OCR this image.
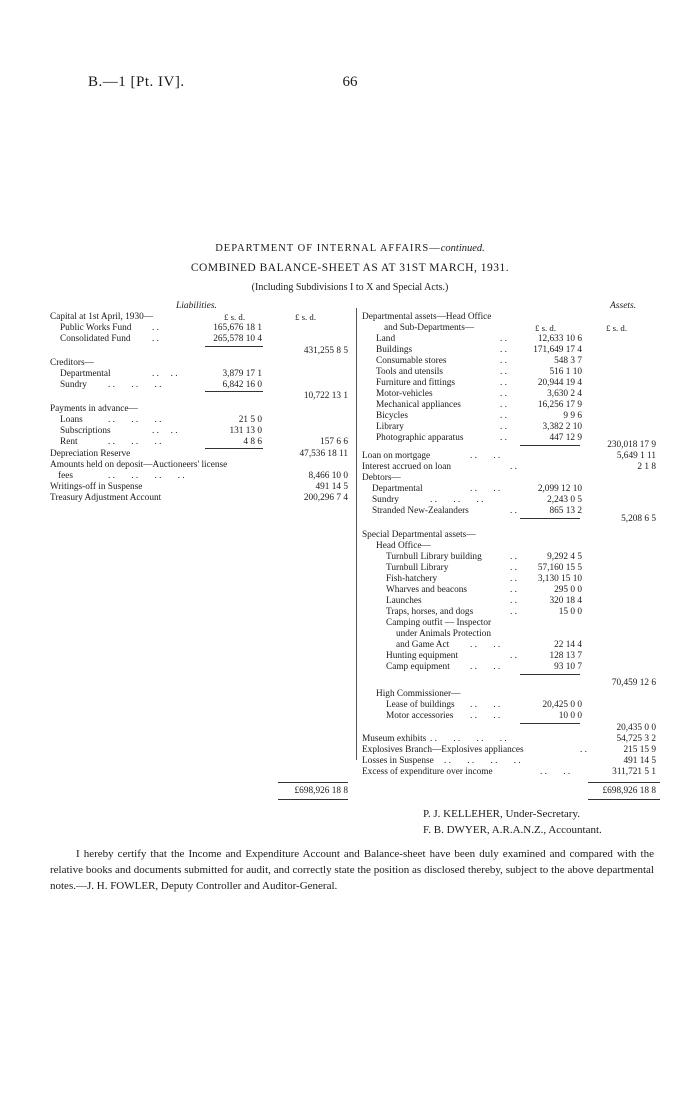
B.—1 [Pt. IV].	66
DEPARTMENT OF INTERNAL AFFAIRS—continued.
COMBINED BALANCE-SHEET AS AT 31ST MARCH, 1931.
(Including Subdivisions I to X and Special Acts.)
Liabilities.
£ s. d.	£ s. d.
Capital at 1st April, 1930—
Public Works Fund . .	165,676 18 1
Consolidated Fund . .	265,578 10 4
431,255 8 5
Creditors—
Departmental	. .     . .	3,879 17 1
Sundry . .       . .       . .	6,842 16 0
10,722 13 1
Payments in advance—
Loans	. .       . .       . .	21 5 0
Subscriptions	. .     . .	131 13 0
Rent	. .       . .       . .	4 8 6	157 6 6
Depreciation Reserve	47,536 18 11
Amounts held on deposit—Auctioneers' license
fees	. .       . .       . .       . .	8,466 10 0
Writings-off in Suspense	491 14 5
Treasury Adjustment Account	200,296 7 4
£698,926 18 8
Assets.
Departmental assets—Head Office
and Sub-Departments—	£ s. d.	£ s. d.
Land	. .	12,633 10 6
Buildings	. .	171,649 17 4
Consumable stores	. .	548 3 7
Tools and utensils	. .	516 1 10
Furniture and fittings	. .	20,944 19 4
Motor-vehicles	. .	3,630 2 4
Mechanical appliances	. .	16,256 17 9
Bicycles	. .	9 9 6
Library	. .	3,382 2 10
Photographic apparatus	. .	447 12 9
230,018 17 9
Loan on mortgage	. .       . .	5,649 1 11
Interest accrued on loan	. .	2 1 8
Debtors—
Departmental	. .       . .	2,099 12 10
Sundry	. .       . .       . .	2,243 0 5
Stranded New-Zealanders	. .	865 13 2
5,208 6 5
Special Departmental assets—
Head Office—
Turnbull Library building	. .	9,292 4 5
Turnbull Library	. . 57,160 15 5
Fish-hatchery	. . 3,130 15 10
Wharves and beacons	. .	295 0 0
Launches	. .	320 18 4
Traps, horses, and dogs	. .	15 0 0
Camping outfit — Inspector
under Animals Protection
and Game Act . .       . .	22 14 4
Hunting equipment	. .	128 13 7
Camp equipment . .       . .	93 10 7
70,459 12 6
High Commissioner—
Lease of buildings . .       . .	20,425 0 0
Motor accessories . .       . .	10 0 0
20,435 0 0
Museum exhibits . .       . .       . .       . .	54,725 3 2
Explosives Branch—Explosives appliances	. .	215 15 9
Losses in Suspense . .       . .       . .       . .	491 14 5
Excess of expenditure over income	. .       . .	311,721 5 1
£698,926 18 8
P. J. KELLEHER, Under-Secretary.
F. B. DWYER, A.R.A.N.Z., Accountant.
I hereby certify that the Income and Expenditure Account and Balance-sheet have been duly examined and compared with the relative books and documents submitted for audit, and correctly state the position as disclosed thereby, subject to the above departmental notes.—J. H. FOWLER, Deputy Controller and Auditor-General.
